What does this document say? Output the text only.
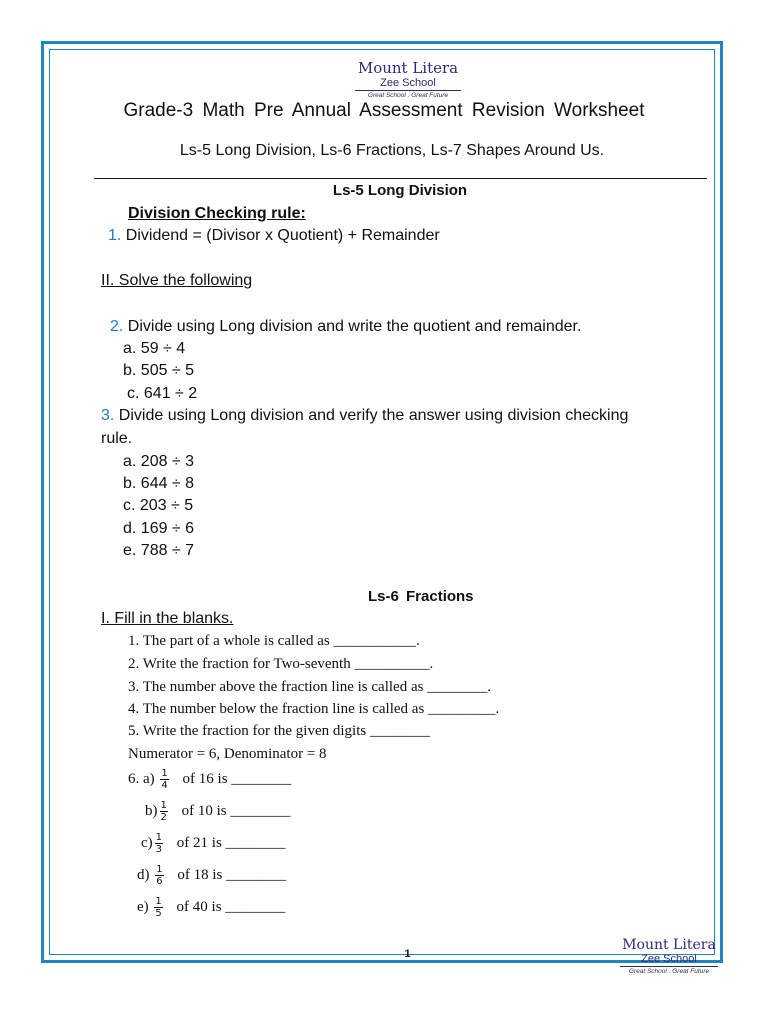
Mount Litera
Zee School
Great School . Great Future
Grade-3 Math Pre Annual Assessment Revision Worksheet
Ls-5 Long Division, Ls-6 Fractions, Ls-7 Shapes Around Us.
Ls-5 Long Division
Division Checking rule:
1. Dividend = (Divisor x Quotient) + Remainder
II. Solve the following
2. Divide using Long division and write the quotient and remainder.
a. 59 ÷ 4
b. 505 ÷ 5
c. 641 ÷ 2
3. Divide using Long division and verify the answer using division checking
rule.
a. 208 ÷ 3
b. 644 ÷ 8
c. 203 ÷ 5
d. 169 ÷ 6
e. 788 ÷ 7
Ls-6 Fractions
I. Fill in the blanks.
1. The part of a whole is called as ___________.
2. Write the fraction for Two-seventh __________.
3. The number above the fraction line is called as ________.
4. The number below the fraction line is called as _________.
5. Write the fraction for the given digits ________
Numerator = 6, Denominator = 8
6. $a) \frac{1}{4}$ of 16 is ________
$b) \frac{1}{2}$ of 10 is ________
$c) \frac{1}{3}$ of 21 is ________
$d) \frac{1}{6}$ of 18 is ________
$e) \frac{1}{5}$ of 40 is ________
1
Mount Litera
Zee School
Great School . Great Future
